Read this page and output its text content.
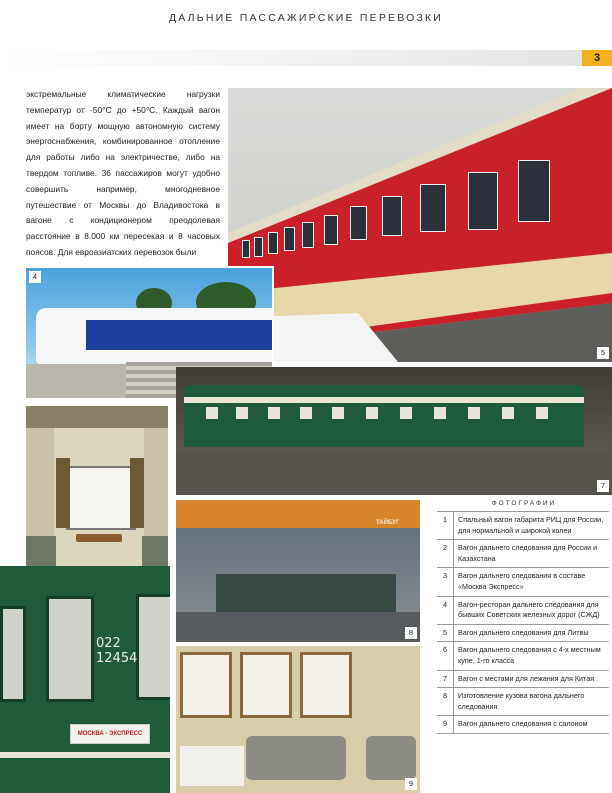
ДАЛЬНИЕ ПАССАЖИРСКИЕ ПЕРЕВОЗКИ
3
экстремальные климатические нагрузки температур от -50°С до +50°С. Каждый вагон имеет на борту мощную автономную систему энергоснабжения, комбинированное отопление для работы либо на электричестве, либо на твердом топливе. 36 пассажиров могут удобно совершить например, многодневное путешествие от Москвы до Владивостока в вагоне с кондиционером преодолевая расстояние в 8.000 км пересекая и 8 часовых поясов. Для евроазиатских перевозок были
5
4
7
ТАЙБУГ
8
9
022
12454
МОСКВА - ЭКСПРЕСС
ФОТОГРАФИИ
1	Спальный вагон габарита РИЦ для России, для нормальной и широкой колеи
2	Вагон дальнего следования для России и Казахстана
3	Вагон дальнего следования в составе «Москва Экспресс»
4	Вагон-ресторан дальнего следования для бывших Советских железных дорог (СЖД)
5	Вагон дальнего следования для Литвы
6	Вагон дальнего следования с 4-х местным купе, 1-го класса
7	Вагон с местами для лежания для Китая
8	Изготовление кузова вагона дальнего следования
9	Вагон дальнего следования с салоном
